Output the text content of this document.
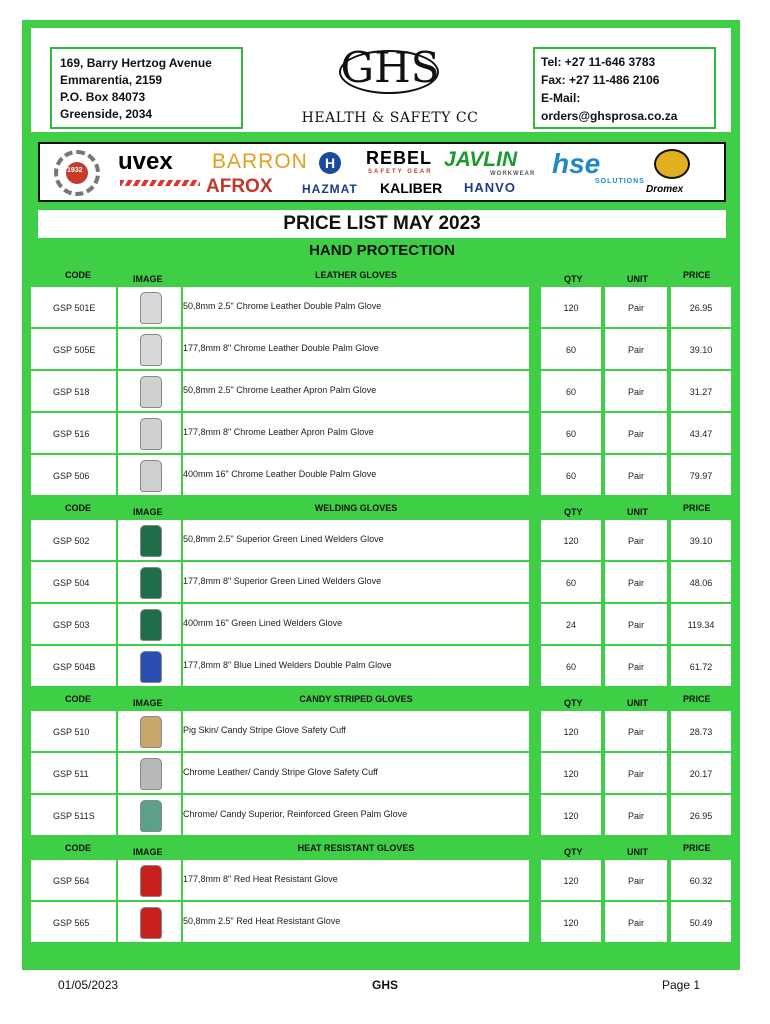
169, Barry Hertzog Avenue
Emmarentia, 2159
P.O. Box 84073
Greenside, 2034
GHS
HEALTH & SAFETY CC
Tel: +27 11-646 3783
Fax: +27 11-486 2106
E-Mail:
orders@ghsprosa.co.za
1932 uvex BARRON	H	REBEL
SAFETY GEAR
JAVLIN
WORKWEAR hse
SOLUTIONS
Dromex
AFROX HAZMAT KALIBER HANVO
PRICE LIST MAY 2023
HAND PROTECTION
CODE	IMAGE	LEATHER GLOVES	QTY	UNIT	PRICE
GSP 501E	50,8mm 2.5" Chrome Leather Double Palm Glove	120	Pair	26.95
GSP 505E	177,8mm 8" Chrome Leather Double Palm Glove	60	Pair	39.10
GSP 518	50,8mm 2.5" Chrome Leather Apron Palm Glove	60	Pair	31.27
GSP 516	177,8mm 8" Chrome Leather Apron Palm Glove	60	Pair	43.47
GSP 506	400mm 16" Chrome Leather Double Palm Glove	60	Pair	79.97
CODE	IMAGE	WELDING GLOVES	QTY	UNIT	PRICE
GSP 502	50,8mm 2.5" Superior Green Lined Welders Glove	120	Pair	39.10
GSP 504	177,8mm 8" Superior Green Lined Welders Glove	60	Pair	48.06
GSP 503	400mm 16" Green Lined Welders Glove	24	Pair	119.34
GSP 504B	177,8mm 8" Blue Lined Welders Double Palm Glove	60	Pair	61.72
CODE	IMAGE	CANDY STRIPED GLOVES	QTY	UNIT	PRICE
GSP 510	Pig Skin/ Candy Stripe Glove Safety Cuff	120	Pair	28.73
GSP 511	Chrome Leather/ Candy Stripe Glove Safety Cuff	120	Pair	20.17
GSP 511S	Chrome/ Candy Superior, Reinforced Green Palm Glove	120	Pair	26.95
CODE	IMAGE	HEAT RESISTANT GLOVES	QTY	UNIT	PRICE
GSP 564	177,8mm 8" Red Heat Resistant Glove	120	Pair	60.32
GSP 565	50,8mm 2.5" Red Heat Resistant Glove	120	Pair	50.49
01/05/2023	GHS	Page 1
